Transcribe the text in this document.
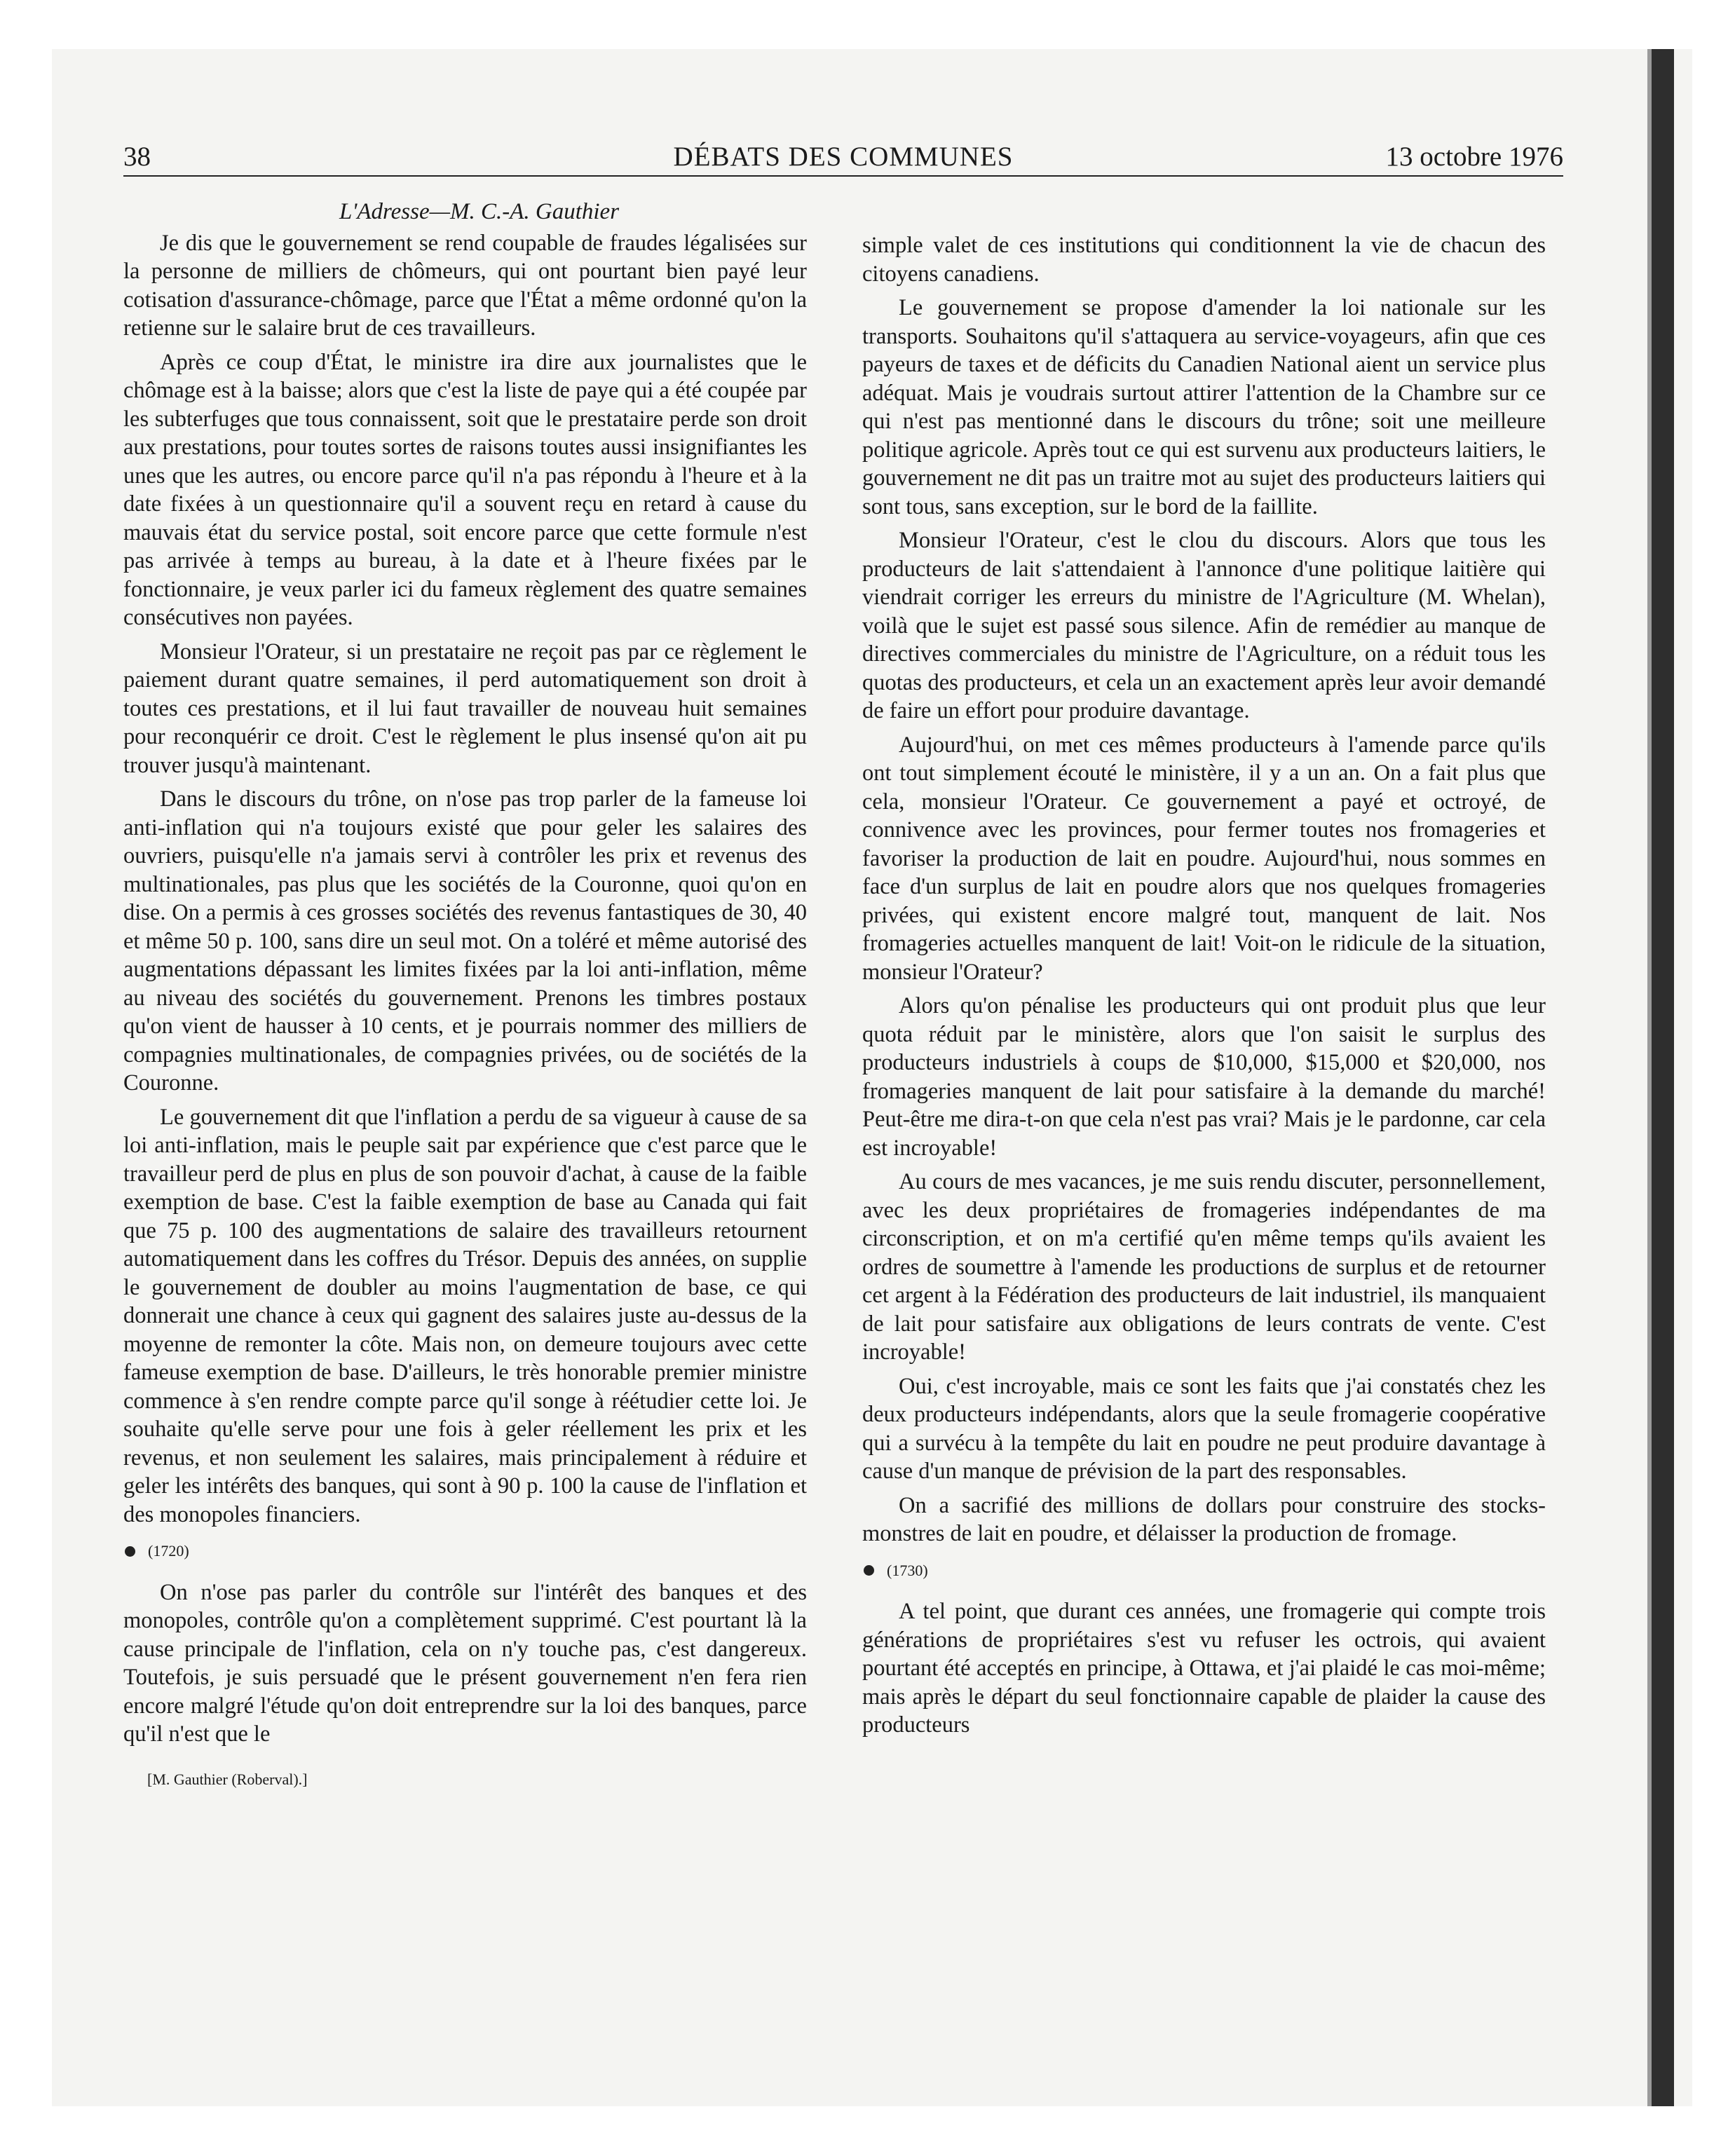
38	DÉBATS DES COMMUNES	13 octobre 1976
L'Adresse—M. C.-A. Gauthier

Je dis que le gouvernement se rend coupable de fraudes légalisées sur la personne de milliers de chômeurs, qui ont pourtant bien payé leur cotisation d'assurance-chômage, parce que l'État a même ordonné qu'on la retienne sur le salaire brut de ces travailleurs.

Après ce coup d'État, le ministre ira dire aux journalistes que le chômage est à la baisse; alors que c'est la liste de paye qui a été coupée par les subterfuges que tous connaissent, soit que le prestataire perde son droit aux prestations, pour toutes sortes de raisons toutes aussi insignifiantes les unes que les autres, ou encore parce qu'il n'a pas répondu à l'heure et à la date fixées à un questionnaire qu'il a souvent reçu en retard à cause du mauvais état du service postal, soit encore parce que cette formule n'est pas arrivée à temps au bureau, à la date et à l'heure fixées par le fonctionnaire, je veux parler ici du fameux règlement des quatre semaines consécutives non payées.

Monsieur l'Orateur, si un prestataire ne reçoit pas par ce règlement le paiement durant quatre semaines, il perd automatiquement son droit à toutes ces prestations, et il lui faut travailler de nouveau huit semaines pour reconquérir ce droit. C'est le règlement le plus insensé qu'on ait pu trouver jusqu'à maintenant.

Dans le discours du trône, on n'ose pas trop parler de la fameuse loi anti-inflation qui n'a toujours existé que pour geler les salaires des ouvriers, puisqu'elle n'a jamais servi à contrôler les prix et revenus des multinationales, pas plus que les sociétés de la Couronne, quoi qu'on en dise. On a permis à ces grosses sociétés des revenus fantastiques de 30, 40 et même 50 p. 100, sans dire un seul mot. On a toléré et même autorisé des augmentations dépassant les limites fixées par la loi anti-inflation, même au niveau des sociétés du gouvernement. Prenons les timbres postaux qu'on vient de hausser à 10 cents, et je pourrais nommer des milliers de compagnies multinationales, de compagnies privées, ou de sociétés de la Couronne.

Le gouvernement dit que l'inflation a perdu de sa vigueur à cause de sa loi anti-inflation, mais le peuple sait par expérience que c'est parce que le travailleur perd de plus en plus de son pouvoir d'achat, à cause de la faible exemption de base. C'est la faible exemption de base au Canada qui fait que 75 p. 100 des augmentations de salaire des travailleurs retournent automatiquement dans les coffres du Trésor. Depuis des années, on supplie le gouvernement de doubler au moins l'augmentation de base, ce qui donnerait une chance à ceux qui gagnent des salaires juste au-dessus de la moyenne de remonter la côte. Mais non, on demeure toujours avec cette fameuse exemption de base. D'ailleurs, le très honorable premier ministre commence à s'en rendre compte parce qu'il songe à réétudier cette loi. Je souhaite qu'elle serve pour une fois à geler réellement les prix et les revenus, et non seulement les salaires, mais principalement à réduire et geler les intérêts des banques, qui sont à 90 p. 100 la cause de l'inflation et des monopoles financiers.

(1720)

On n'ose pas parler du contrôle sur l'intérêt des banques et des monopoles, contrôle qu'on a complètement supprimé. C'est pourtant là la cause principale de l'inflation, cela on n'y touche pas, c'est dangereux. Toutefois, je suis persuadé que le présent gouvernement n'en fera rien encore malgré l'étude qu'on doit entreprendre sur la loi des banques, parce qu'il n'est que le

[M. Gauthier (Roberval).]

simple valet de ces institutions qui conditionnent la vie de chacun des citoyens canadiens.

Le gouvernement se propose d'amender la loi nationale sur les transports. Souhaitons qu'il s'attaquera au service-voyageurs, afin que ces payeurs de taxes et de déficits du Canadien National aient un service plus adéquat. Mais je voudrais surtout attirer l'attention de la Chambre sur ce qui n'est pas mentionné dans le discours du trône; soit une meilleure politique agricole. Après tout ce qui est survenu aux producteurs laitiers, le gouvernement ne dit pas un traitre mot au sujet des producteurs laitiers qui sont tous, sans exception, sur le bord de la faillite.

Monsieur l'Orateur, c'est le clou du discours. Alors que tous les producteurs de lait s'attendaient à l'annonce d'une politique laitière qui viendrait corriger les erreurs du ministre de l'Agriculture (M. Whelan), voilà que le sujet est passé sous silence. Afin de remédier au manque de directives commerciales du ministre de l'Agriculture, on a réduit tous les quotas des producteurs, et cela un an exactement après leur avoir demandé de faire un effort pour produire davantage.

Aujourd'hui, on met ces mêmes producteurs à l'amende parce qu'ils ont tout simplement écouté le ministère, il y a un an. On a fait plus que cela, monsieur l'Orateur. Ce gouvernement a payé et octroyé, de connivence avec les provinces, pour fermer toutes nos fromageries et favoriser la production de lait en poudre. Aujourd'hui, nous sommes en face d'un surplus de lait en poudre alors que nos quelques fromageries privées, qui existent encore malgré tout, manquent de lait. Nos fromageries actuelles manquent de lait! Voit-on le ridicule de la situation, monsieur l'Orateur?

Alors qu'on pénalise les producteurs qui ont produit plus que leur quota réduit par le ministère, alors que l'on saisit le surplus des producteurs industriels à coups de $10,000, $15,000 et $20,000, nos fromageries manquent de lait pour satisfaire à la demande du marché! Peut-être me dira-t-on que cela n'est pas vrai? Mais je le pardonne, car cela est incroyable!

Au cours de mes vacances, je me suis rendu discuter, personnellement, avec les deux propriétaires de fromageries indépendantes de ma circonscription, et on m'a certifié qu'en même temps qu'ils avaient les ordres de soumettre à l'amende les productions de surplus et de retourner cet argent à la Fédération des producteurs de lait industriel, ils manquaient de lait pour satisfaire aux obligations de leurs contrats de vente. C'est incroyable!

Oui, c'est incroyable, mais ce sont les faits que j'ai constatés chez les deux producteurs indépendants, alors que la seule fromagerie coopérative qui a survécu à la tempête du lait en poudre ne peut produire davantage à cause d'un manque de prévision de la part des responsables.

On a sacrifié des millions de dollars pour construire des stocks-monstres de lait en poudre, et délaisser la production de fromage.

(1730)

A tel point, que durant ces années, une fromagerie qui compte trois générations de propriétaires s'est vu refuser les octrois, qui avaient pourtant été acceptés en principe, à Ottawa, et j'ai plaidé le cas moi-même; mais après le départ du seul fonctionnaire capable de plaider la cause des producteurs
